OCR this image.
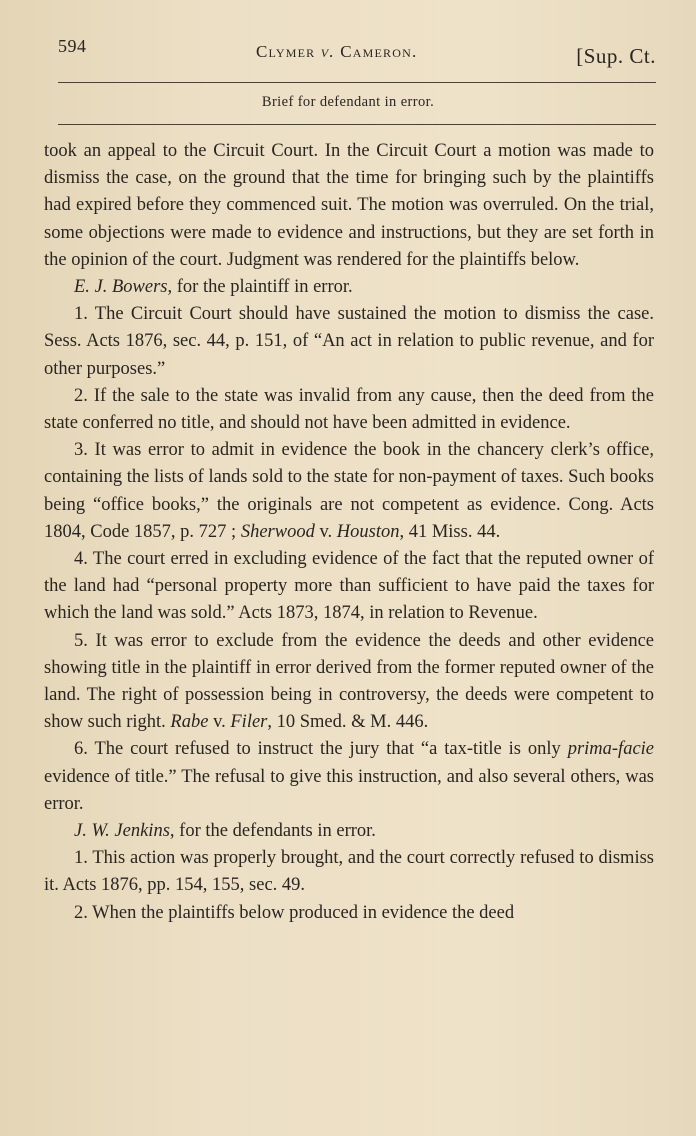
594	Clymer v. Cameron.	[Sup. Ct.
Brief for defendant in error.

took an appeal to the Circuit Court. In the Circuit Court a motion was made to dismiss the case, on the ground that the time for bringing such by the plaintiffs had expired before they commenced suit. The motion was overruled. On the trial, some objections were made to evidence and instructions, but they are set forth in the opinion of the court. Judgment was rendered for the plaintiffs below.

E. J. Bowers, for the plaintiff in error.

1. The Circuit Court should have sustained the motion to dismiss the case. Sess. Acts 1876, sec. 44, p. 151, of “An act in relation to public revenue, and for other purposes.”

2. If the sale to the state was invalid from any cause, then the deed from the state conferred no title, and should not have been admitted in evidence.

3. It was error to admit in evidence the book in the chancery clerk’s office, containing the lists of lands sold to the state for non-payment of taxes. Such books being “office books,” the originals are not competent as evidence. Cong. Acts 1804, Code 1857, p. 727 ; Sherwood v. Houston, 41 Miss. 44.

4. The court erred in excluding evidence of the fact that the reputed owner of the land had “personal property more than sufficient to have paid the taxes for which the land was sold.” Acts 1873, 1874, in relation to Revenue.

5. It was error to exclude from the evidence the deeds and other evidence showing title in the plaintiff in error derived from the former reputed owner of the land. The right of possession being in controversy, the deeds were competent to show such right. Rabe v. Filer, 10 Smed. & M. 446.

6. The court refused to instruct the jury that “a tax-title is only prima-facie evidence of title.” The refusal to give this instruction, and also several others, was error.

J. W. Jenkins, for the defendants in error.

1. This action was properly brought, and the court correctly refused to dismiss it. Acts 1876, pp. 154, 155, sec. 49.

2. When the plaintiffs below produced in evidence the deed
